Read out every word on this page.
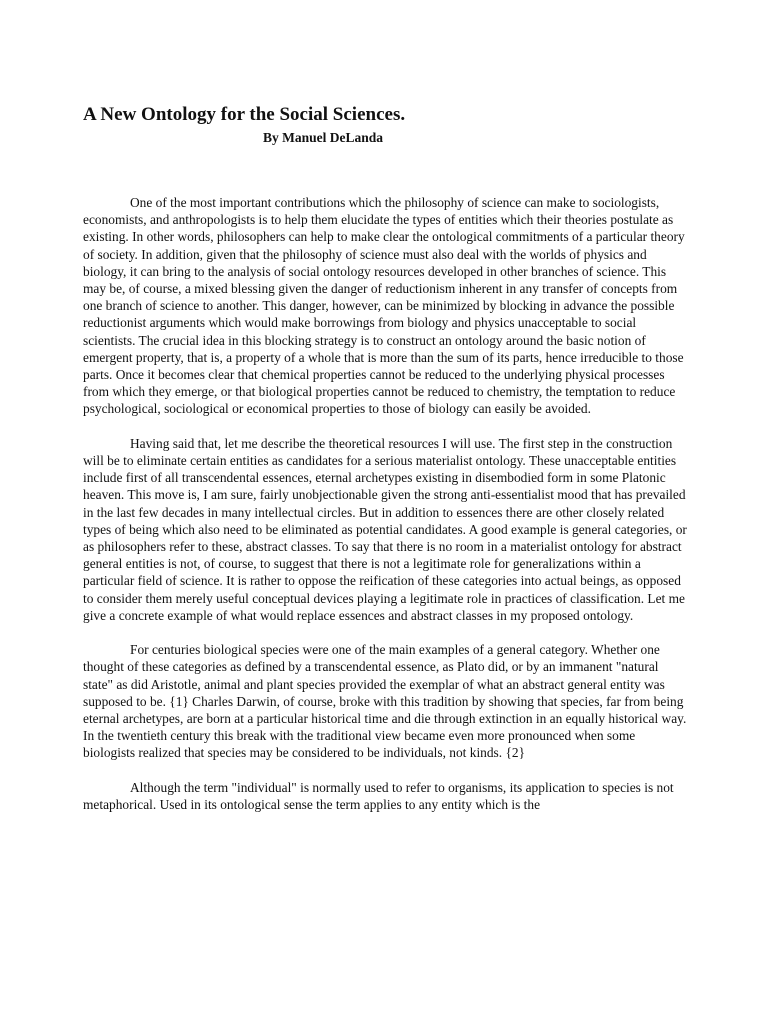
A New Ontology for the Social Sciences.
By Manuel DeLanda

One of the most important contributions which the philosophy of science can make to sociologists, economists, and anthropologists is to help them elucidate the types of entities which their theories postulate as existing. In other words, philosophers can help to make clear the ontological commitments of a particular theory of society. In addition, given that the philosophy of science must also deal with the worlds of physics and biology, it can bring to the analysis of social ontology resources developed in other branches of science. This may be, of course, a mixed blessing given the danger of reductionism inherent in any transfer of concepts from one branch of science to another. This danger, however, can be minimized by blocking in advance the possible reductionist arguments which would make borrowings from biology and physics unacceptable to social scientists. The crucial idea in this blocking strategy is to construct an ontology around the basic notion of emergent property, that is, a property of a whole that is more than the sum of its parts, hence irreducible to those parts. Once it becomes clear that chemical properties cannot be reduced to the underlying physical processes from which they emerge, or that biological properties cannot be reduced to chemistry, the temptation to reduce psychological, sociological or economical properties to those of biology can easily be avoided.

Having said that, let me describe the theoretical resources I will use. The first step in the construction will be to eliminate certain entities as candidates for a serious materialist ontology. These unacceptable entities include first of all transcendental essences, eternal archetypes existing in disembodied form in some Platonic heaven. This move is, I am sure, fairly unobjectionable given the strong anti-essentialist mood that has prevailed in the last few decades in many intellectual circles. But in addition to essences there are other closely related types of being which also need to be eliminated as potential candidates. A good example is general categories, or as philosophers refer to these, abstract classes. To say that there is no room in a materialist ontology for abstract general entities is not, of course, to suggest that there is not a legitimate role for generalizations within a particular field of science. It is rather to oppose the reification of these categories into actual beings, as opposed to consider them merely useful conceptual devices playing a legitimate role in practices of classification. Let me give a concrete example of what would replace essences and abstract classes in my proposed ontology.

For centuries biological species were one of the main examples of a general category. Whether one thought of these categories as defined by a transcendental essence, as Plato did, or by an immanent "natural state" as did Aristotle, animal and plant species provided the exemplar of what an abstract general entity was supposed to be. {1} Charles Darwin, of course, broke with this tradition by showing that species, far from being eternal archetypes, are born at a particular historical time and die through extinction in an equally historical way. In the twentieth century this break with the traditional view became even more pronounced when some biologists realized that species may be considered to be individuals, not kinds. {2}

Although the term "individual" is normally used to refer to organisms, its application to species is not metaphorical. Used in its ontological sense the term applies to any entity which is the
